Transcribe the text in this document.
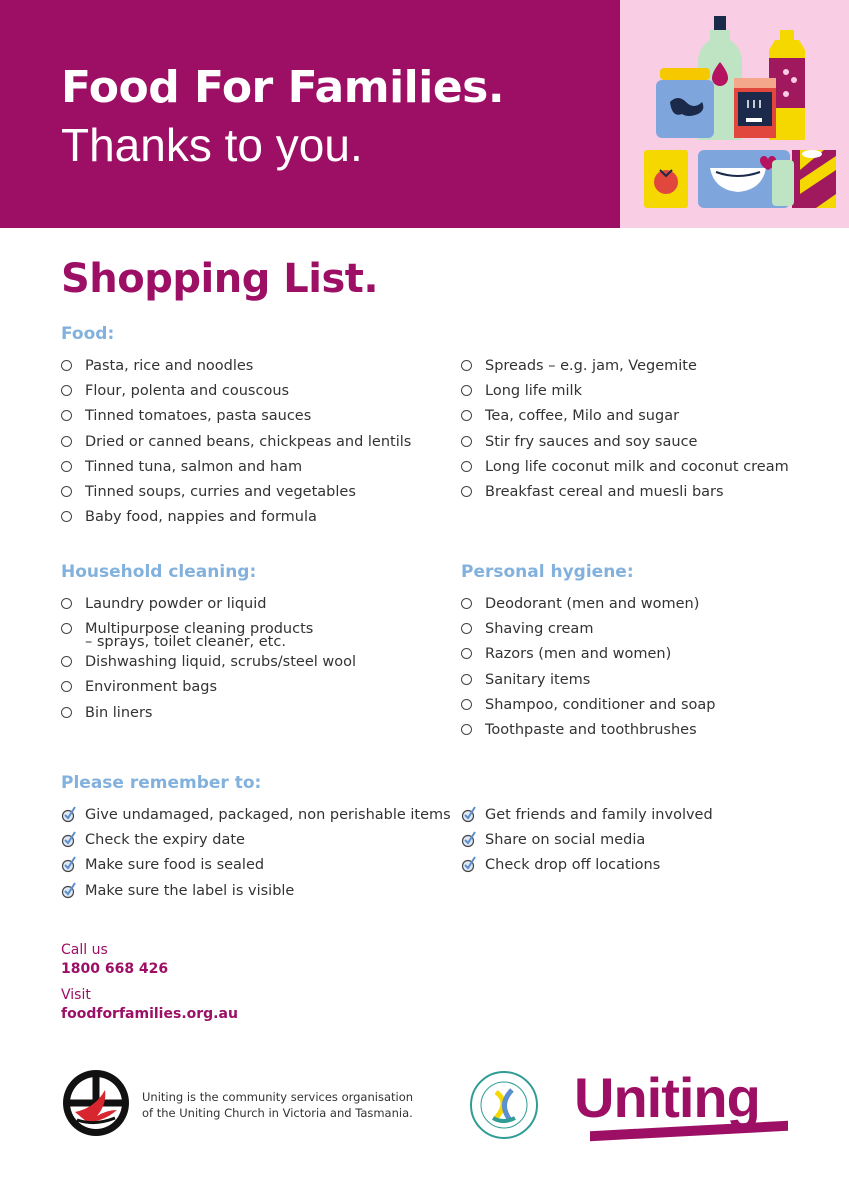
Food For Families.
Thanks to you.
Shopping List.
Food:
Pasta, rice and noodles
Flour, polenta and couscous
Tinned tomatoes, pasta sauces
Dried or canned beans, chickpeas and lentils
Tinned tuna, salmon and ham
Tinned soups, curries and vegetables
Baby food, nappies and formula
Spreads – e.g. jam, Vegemite
Long life milk
Tea, coffee, Milo and sugar
Stir fry sauces and soy sauce
Long life coconut milk and coconut cream
Breakfast cereal and muesli bars
Household cleaning:
Laundry powder or liquid
Multipurpose cleaning products

– sprays, toilet cleaner, etc.
Dishwashing liquid, scrubs/steel wool
Environment bags
Bin liners
Personal hygiene:
Deodorant (men and women)
Shaving cream
Razors (men and women)
Sanitary items
Shampoo, conditioner and soap
Toothpaste and toothbrushes
Please remember to:
Give undamaged, packaged, non perishable items
Check the expiry date
Make sure food is sealed
Make sure the label is visible
Get friends and family involved
Share on social media
Check drop off locations
Call us
1800 668 426
Visit
foodforfamilies.org.au
Uniting is the community services organisation
of the Uniting Church in Victoria and Tasmania.	Uniting
